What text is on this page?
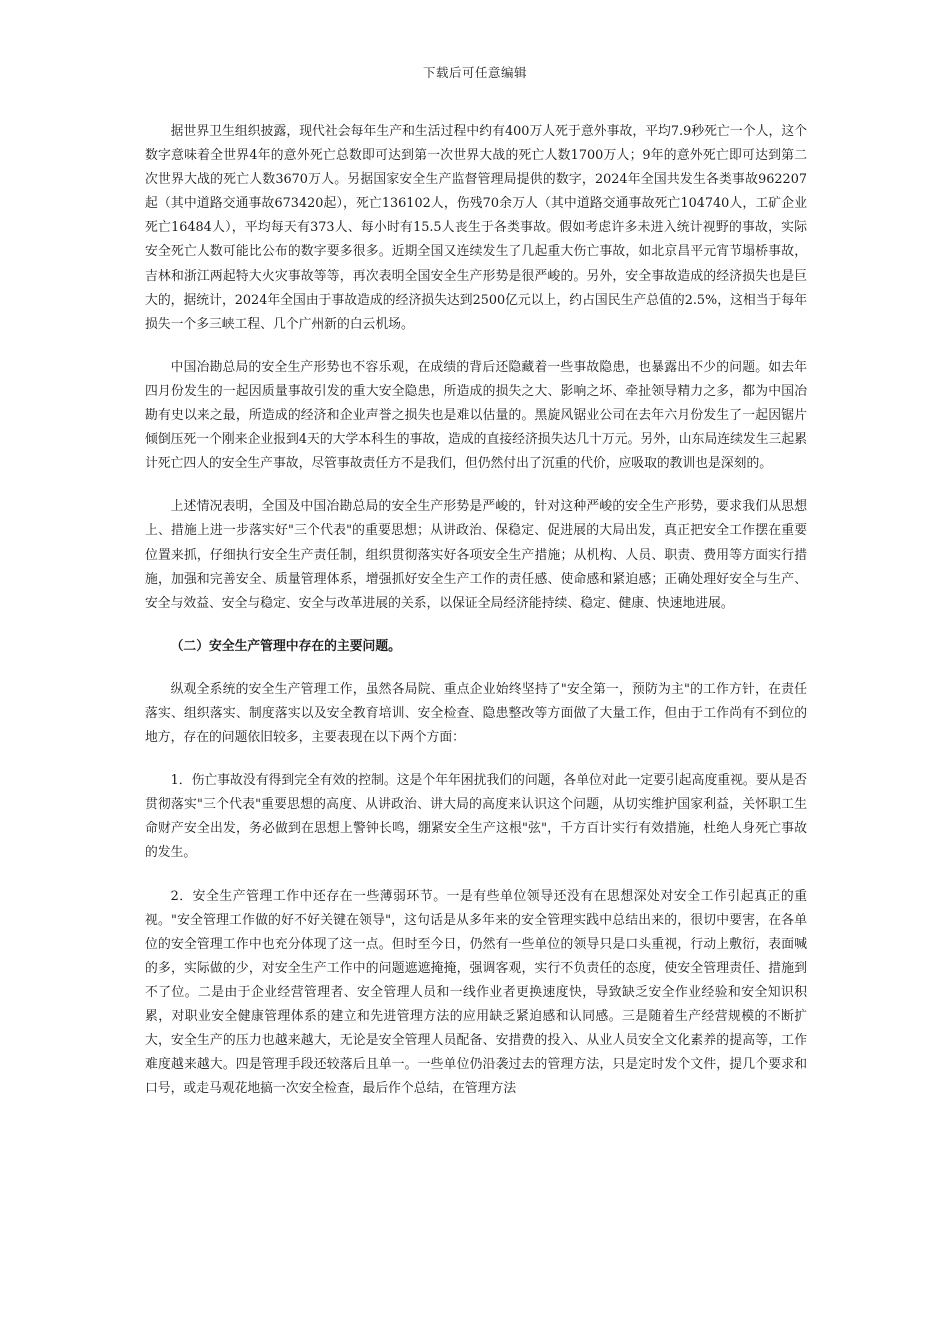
下载后可任意编辑

据世界卫生组织披露，现代社会每年生产和生活过程中约有400万人死于意外事故，平均7.9秒死亡一个人，这个数字意味着全世界4年的意外死亡总数即可达到第一次世界大战的死亡人数1700万人；9年的意外死亡即可达到第二次世界大战的死亡人数3670万人。另据国家安全生产监督管理局提供的数字，2024年全国共发生各类事故962207起（其中道路交通事故673420起），死亡136102人，伤残70余万人（其中道路交通事故死亡104740人，工矿企业死亡16484人），平均每天有373人、每小时有15.5人丧生于各类事故。假如考虑许多未进入统计视野的事故，实际安全死亡人数可能比公布的数字要多很多。近期全国又连续发生了几起重大伤亡事故，如北京昌平元宵节塌桥事故，吉林和浙江两起特大火灾事故等等，再次表明全国安全生产形势是很严峻的。另外，安全事故造成的经济损失也是巨大的，据统计，2024年全国由于事故造成的经济损失达到2500亿元以上，约占国民生产总值的2.5%，这相当于每年损失一个多三峡工程、几个广州新的白云机场。

中国冶勘总局的安全生产形势也不容乐观，在成绩的背后还隐藏着一些事故隐患，也暴露出不少的问题。如去年四月份发生的一起因质量事故引发的重大安全隐患，所造成的损失之大、影响之坏、牵扯领导精力之多，都为中国冶勘有史以来之最，所造成的经济和企业声誉之损失也是难以估量的。黑旋风锯业公司在去年六月份发生了一起因锯片倾倒压死一个刚来企业报到4天的大学本科生的事故，造成的直接经济损失达几十万元。另外，山东局连续发生三起累计死亡四人的安全生产事故，尽管事故责任方不是我们，但仍然付出了沉重的代价，应吸取的教训也是深刻的。

上述情况表明，全国及中国冶勘总局的安全生产形势是严峻的，针对这种严峻的安全生产形势，要求我们从思想上、措施上进一步落实好"三个代表"的重要思想；从讲政治、保稳定、促进展的大局出发，真正把安全工作摆在重要位置来抓，仔细执行安全生产责任制，组织贯彻落实好各项安全生产措施；从机构、人员、职责、费用等方面实行措施，加强和完善安全、质量管理体系，增强抓好安全生产工作的责任感、使命感和紧迫感；正确处理好安全与生产、安全与效益、安全与稳定、安全与改革进展的关系，以保证全局经济能持续、稳定、健康、快速地进展。

（二）安全生产管理中存在的主要问题。

纵观全系统的安全生产管理工作，虽然各局院、重点企业始终坚持了"安全第一，预防为主"的工作方针，在责任落实、组织落实、制度落实以及安全教育培训、安全检查、隐患整改等方面做了大量工作，但由于工作尚有不到位的地方，存在的问题依旧较多，主要表现在以下两个方面：

1．伤亡事故没有得到完全有效的控制。这是个年年困扰我们的问题，各单位对此一定要引起高度重视。要从是否贯彻落实"三个代表"重要思想的高度、从讲政治、讲大局的高度来认识这个问题，从切实维护国家利益，关怀职工生命财产安全出发，务必做到在思想上警钟长鸣，绷紧安全生产这根"弦"，千方百计实行有效措施，杜绝人身死亡事故的发生。

2．安全生产管理工作中还存在一些薄弱环节。一是有些单位领导还没有在思想深处对安全工作引起真正的重视。"安全管理工作做的好不好关键在领导"，这句话是从多年来的安全管理实践中总结出来的，很切中要害，在各单位的安全管理工作中也充分体现了这一点。但时至今日，仍然有一些单位的领导只是口头重视，行动上敷衍，表面喊的多，实际做的少，对安全生产工作中的问题遮遮掩掩，强调客观，实行不负责任的态度，使安全管理责任、措施到不了位。二是由于企业经营管理者、安全管理人员和一线作业者更换速度快，导致缺乏安全作业经验和安全知识积累，对职业安全健康管理体系的建立和先进管理方法的应用缺乏紧迫感和认同感。三是随着生产经营规模的不断扩大，安全生产的压力也越来越大，无论是安全管理人员配备、安措费的投入、从业人员安全文化素养的提高等，工作难度越来越大。四是管理手段还较落后且单一。一些单位仍沿袭过去的管理方法，只是定时发个文件，提几个要求和口号，或走马观花地搞一次安全检查，最后作个总结，在管理方法
